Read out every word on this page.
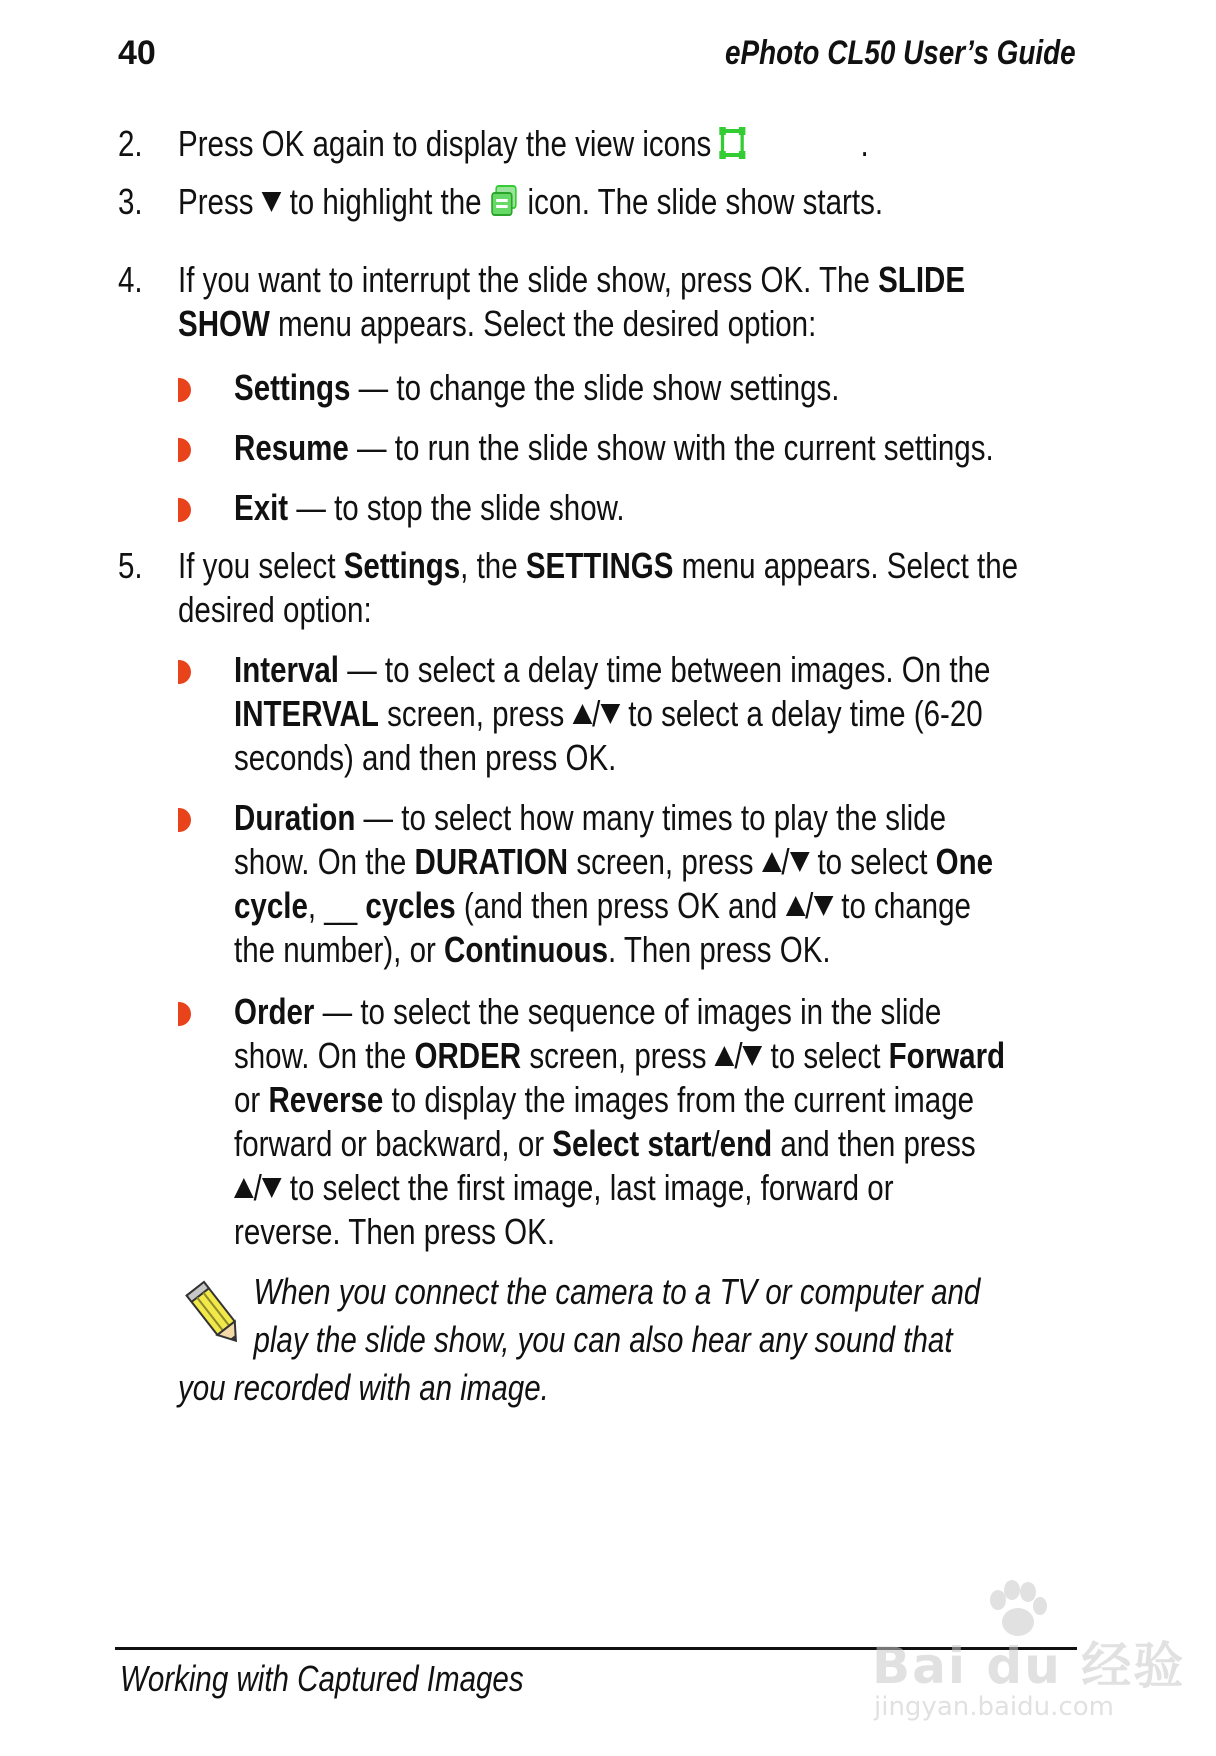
40	ePhoto CL50 User’s Guide
2. Press OK again to display the view icons	.
3. Press to highlight the icon. The slide show starts.
4. If you want to interrupt the slide show, press OK. The SLIDE
SHOW menu appears. Select the desired option:
Settings — to change the slide show settings.
Resume — to run the slide show with the current settings.
Exit — to stop the slide show.
5. If you select Settings, the SETTINGS menu appears. Select the
desired option:
Interval — to select a delay time between images. On the
INTERVAL screen, press / to select a delay time (6-20
seconds) and then press OK.
Duration — to select how many times to play the slide
show. On the DURATION screen, press / to select One
cycle, __ cycles (and then press OK and / to change
the number), or Continuous. Then press OK.
Order — to select the sequence of images in the slide
show. On the ORDER screen, press / to select Forward
or Reverse to display the images from the current image
forward or backward, or Select start/end and then press
/ to select the first image, last image, forward or
reverse. Then press OK.
When you connect the camera to a TV or computer and
play the slide show, you can also hear any sound that
you recorded with an image.
Working with Captured Images	Bai du 经验
jingyan.baidu.com
